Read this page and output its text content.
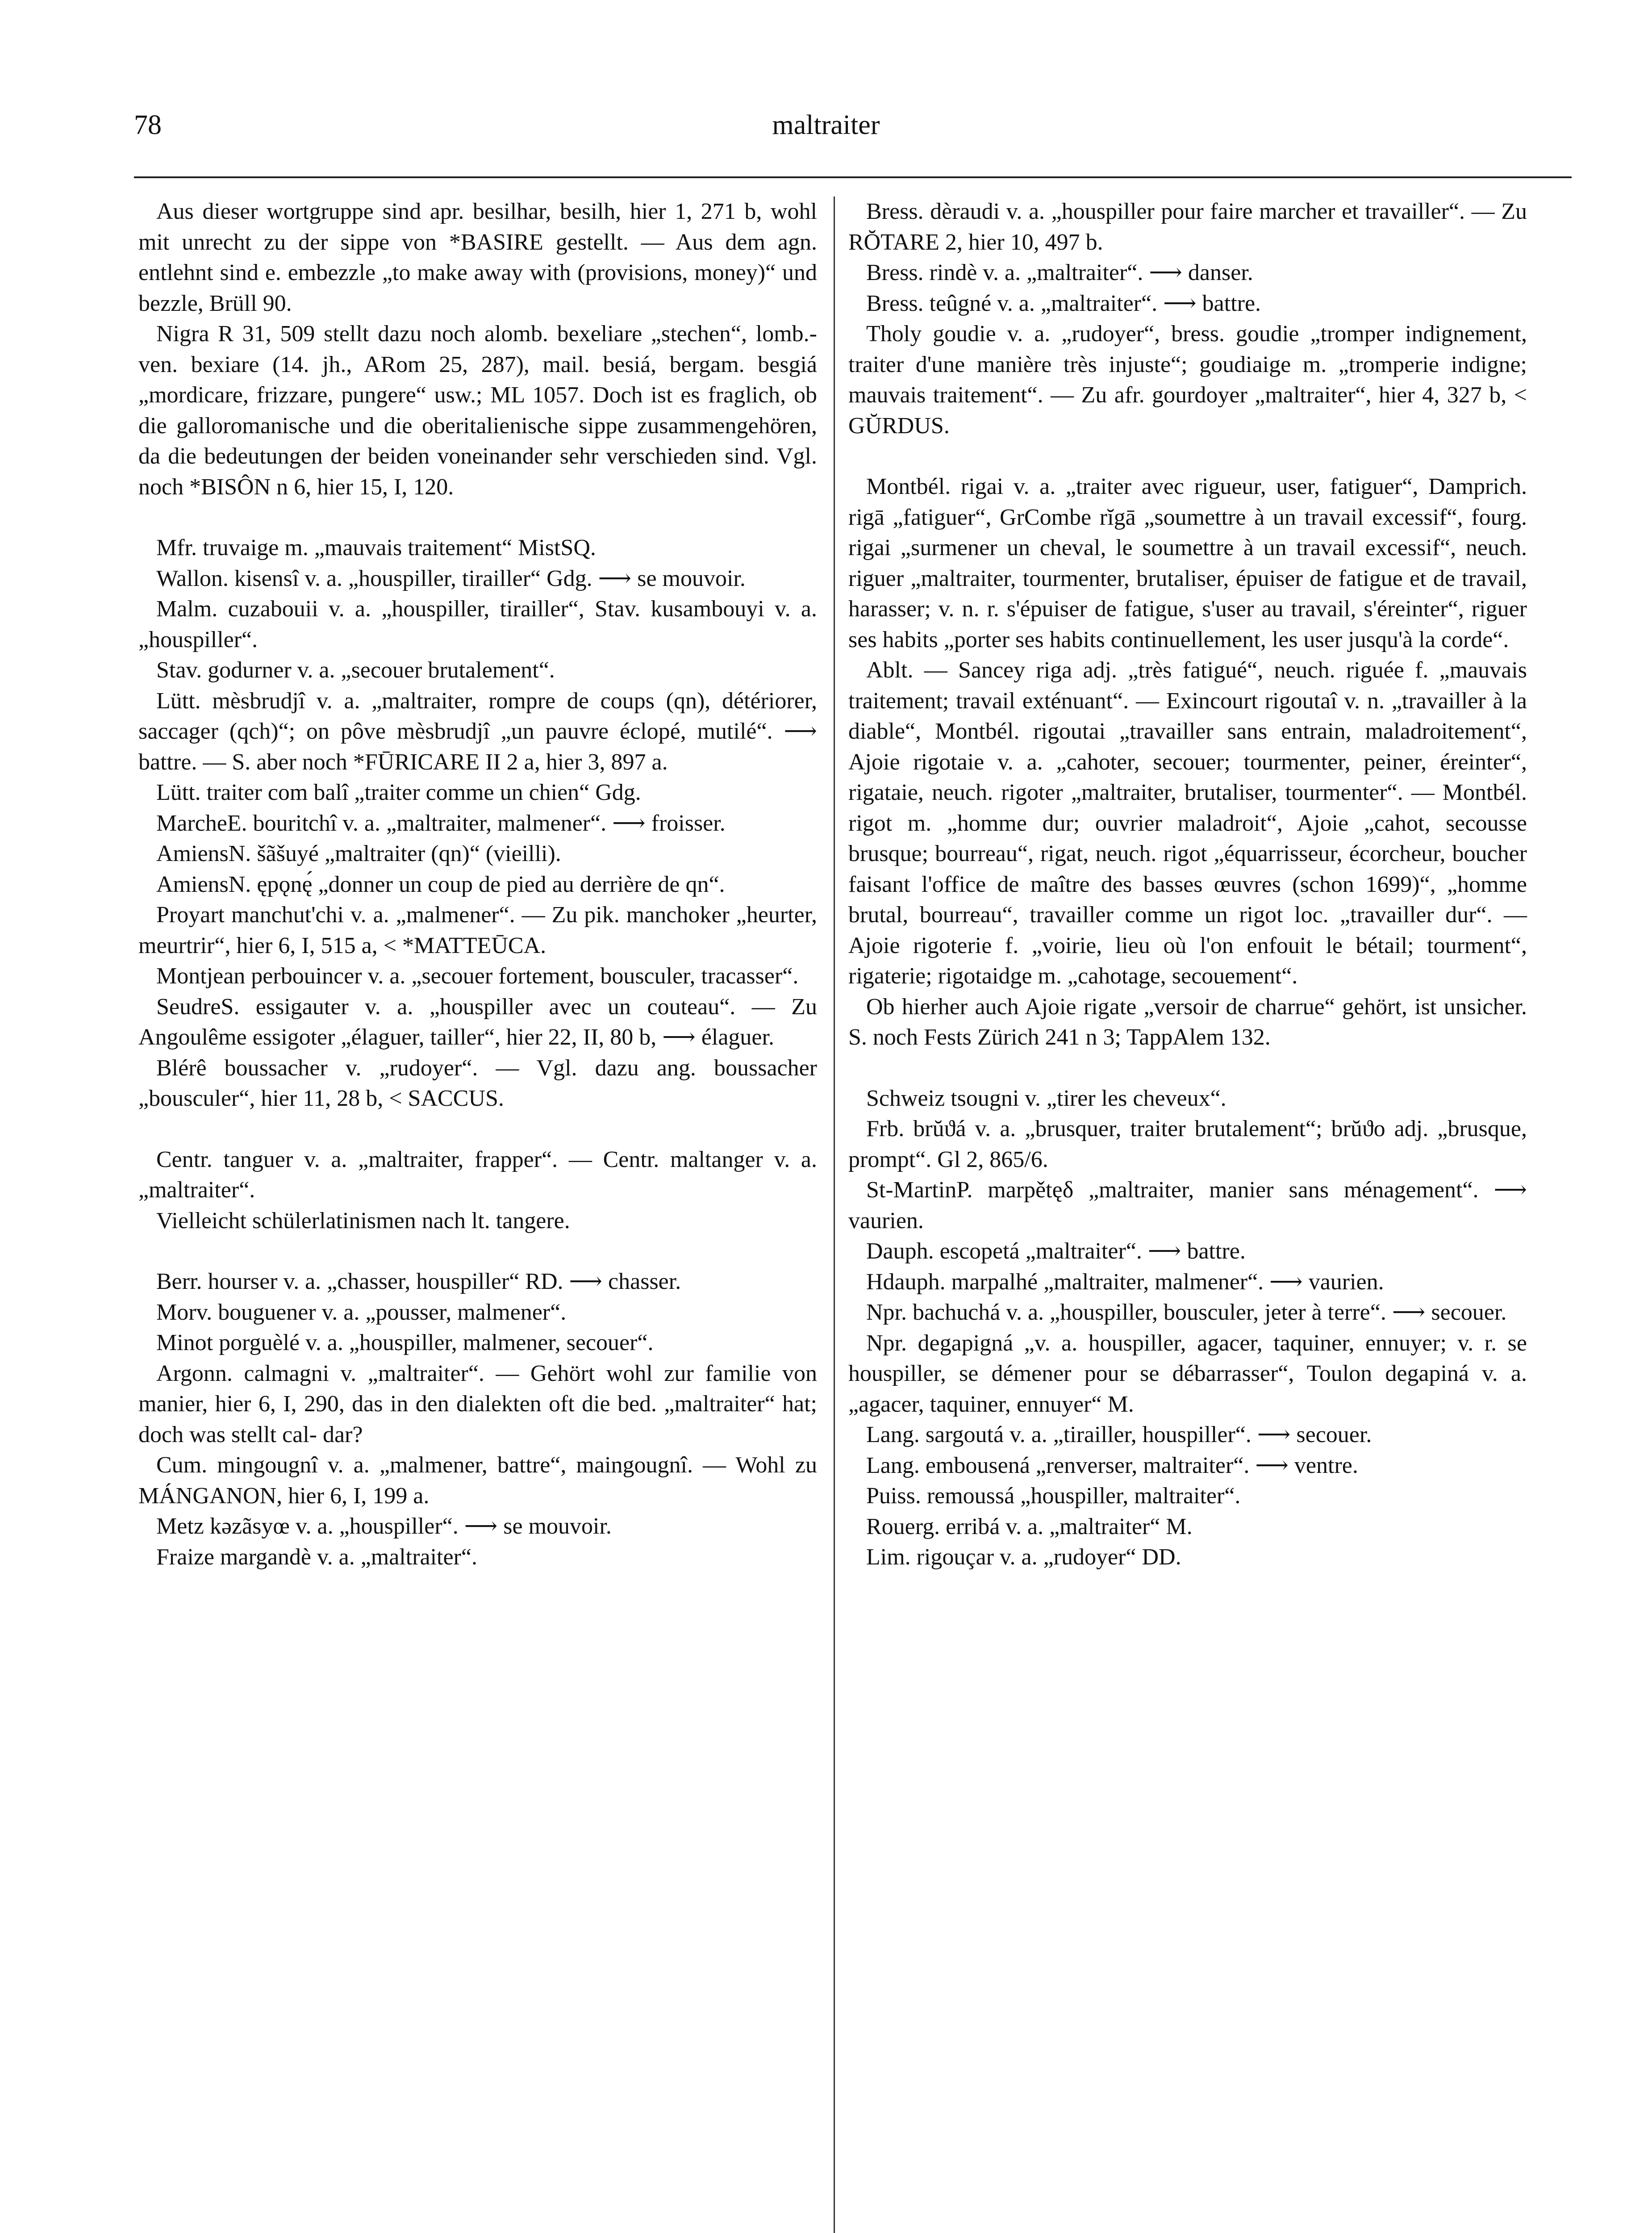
78	maltraiter

Aus dieser wortgruppe sind apr. besilhar, besilh, hier 1, 271 b, wohl mit unrecht zu der sippe von *BASIRE gestellt. — Aus dem agn. entlehnt sind e. embezzle „to make away with (provisions, money)“ und bezzle, Brüll 90.

Nigra R 31, 509 stellt dazu noch alomb. bexeliare „stechen“, lomb.-ven. bexiare (14. jh., ARom 25, 287), mail. besiá, bergam. besgiá „mordicare, frizzare, pungere“ usw.; ML 1057. Doch ist es fraglich, ob die galloromanische und die oberitalienische sippe zusammengehören, da die bedeutungen der beiden voneinander sehr verschieden sind. Vgl. noch *BISÔN n 6, hier 15, I, 120.

Mfr. truvaige m. „mauvais traitement“ MistSQ.

Wallon. kisensî v. a. „houspiller, tirailler“ Gdg. ⟶ se mouvoir.

Malm. cuzabouii v. a. „houspiller, tirailler“, Stav. kusambouyi v. a. „houspiller“.

Stav. godurner v. a. „secouer brutalement“.

Lütt. mèsbrudjî v. a. „maltraiter, rompre de coups (qn), détériorer, saccager (qch)“; on pôve mèsbrudjî „un pauvre éclopé, mutilé“. ⟶ battre. — S. aber noch *FŪRICARE II 2 a, hier 3, 897 a.

Lütt. traiter com balî „traiter comme un chien“ Gdg.

MarcheE. bouritchî v. a. „maltraiter, malmener“. ⟶ froisser.

AmiensN. šãšuyé „maltraiter (qn)“ (vieilli).

AmiensN. ępǫnę́ „donner un coup de pied au derrière de qn“.

Proyart manchut'chi v. a. „malmener“. — Zu pik. manchoker „heurter, meurtrir“, hier 6, I, 515 a, < *MATTEŪCA.

Montjean perbouincer v. a. „secouer fortement, bousculer, tracasser“.

SeudreS. essigauter v. a. „houspiller avec un couteau“. — Zu Angoulême essigoter „élaguer, tailler“, hier 22, II, 80 b, ⟶ élaguer.

Blérê boussacher v. „rudoyer“. — Vgl. dazu ang. boussacher „bousculer“, hier 11, 28 b, < SACCUS.

Centr. tanguer v. a. „maltraiter, frapper“. — Centr. maltanger v. a. „maltraiter“.

Vielleicht schülerlatinismen nach lt. tangere.

Berr. hourser v. a. „chasser, houspiller“ RD. ⟶ chasser.

Morv. bouguener v. a. „pousser, malmener“.

Minot porguèlé v. a. „houspiller, malmener, secouer“.

Argonn. calmagni v. „maltraiter“. — Gehört wohl zur familie von manier, hier 6, I, 290, das in den dialekten oft die bed. „maltraiter“ hat; doch was stellt cal- dar?

Cum. mingougnî v. a. „malmener, battre“, maingougnî. — Wohl zu MÁNGANON, hier 6, I, 199 a.

Metz kəzãsyœ v. a. „houspiller“. ⟶ se mouvoir.

Fraize margandè v. a. „maltraiter“.

Bress. dèraudi v. a. „houspiller pour faire marcher et travailler“. — Zu RŎTARE 2, hier 10, 497 b.

Bress. rindè v. a. „maltraiter“. ⟶ danser.

Bress. teûgné v. a. „maltraiter“. ⟶ battre.

Tholy goudie v. a. „rudoyer“, bress. goudie „tromper indignement, traiter d'une manière très injuste“; goudiaige m. „tromperie indigne; mauvais traitement“. — Zu afr. gourdoyer „maltraiter“, hier 4, 327 b, < GŬRDUS.

Montbél. rigai v. a. „traiter avec rigueur, user, fatiguer“, Damprich. rigā „fatiguer“, GrCombe rĭgā „soumettre à un travail excessif“, fourg. rigai „surmener un cheval, le soumettre à un travail excessif“, neuch. riguer „maltraiter, tourmenter, brutaliser, épuiser de fatigue et de travail, harasser; v. n. r. s'épuiser de fatigue, s'user au travail, s'éreinter“, riguer ses habits „porter ses habits continuellement, les user jusqu'à la corde“.

Ablt. — Sancey riga adj. „très fatigué“, neuch. riguée f. „mauvais traitement; travail exténuant“. — Exincourt rigoutaî v. n. „travailler à la diable“, Montbél. rigoutai „travailler sans entrain, maladroitement“, Ajoie rigotaie v. a. „cahoter, secouer; tourmenter, peiner, éreinter“, rigataie, neuch. rigoter „maltraiter, brutaliser, tourmenter“. — Montbél. rigot m. „homme dur; ouvrier maladroit“, Ajoie „cahot, secousse brusque; bourreau“, rigat, neuch. rigot „équarrisseur, écorcheur, boucher faisant l'office de maître des basses œuvres (schon 1699)“, „homme brutal, bourreau“, travailler comme un rigot loc. „travailler dur“. — Ajoie rigoterie f. „voirie, lieu où l'on enfouit le bétail; tourment“, rigaterie; rigotaidge m. „cahotage, secouement“.

Ob hierher auch Ajoie rigate „versoir de charrue“ gehört, ist unsicher. S. noch Fests Zürich 241 n 3; TappAlem 132.

Schweiz tsougni v. „tirer les cheveux“.

Frb. brŭϑá v. a. „brusquer, traiter brutalement“; brŭϑo adj. „brusque, prompt“. Gl 2, 865/6.

St-MartinP. marpětęδ „maltraiter, manier sans ménagement“. ⟶ vaurien.

Dauph. escopetá „maltraiter“. ⟶ battre.

Hdauph. marpalhé „maltraiter, malmener“. ⟶ vaurien.

Npr. bachuchá v. a. „houspiller, bousculer, jeter à terre“. ⟶ secouer.

Npr. degapigná „v. a. houspiller, agacer, taquiner, ennuyer; v. r. se houspiller, se démener pour se débarrasser“, Toulon degapiná v. a. „agacer, taquiner, ennuyer“ M.

Lang. sargoutá v. a. „tirailler, houspiller“. ⟶ secouer.

Lang. embousená „renverser, maltraiter“. ⟶ ventre.

Puiss. remoussá „houspiller, maltraiter“.

Rouerg. erribá v. a. „maltraiter“ M.

Lim. rigouçar v. a. „rudoyer“ DD.
